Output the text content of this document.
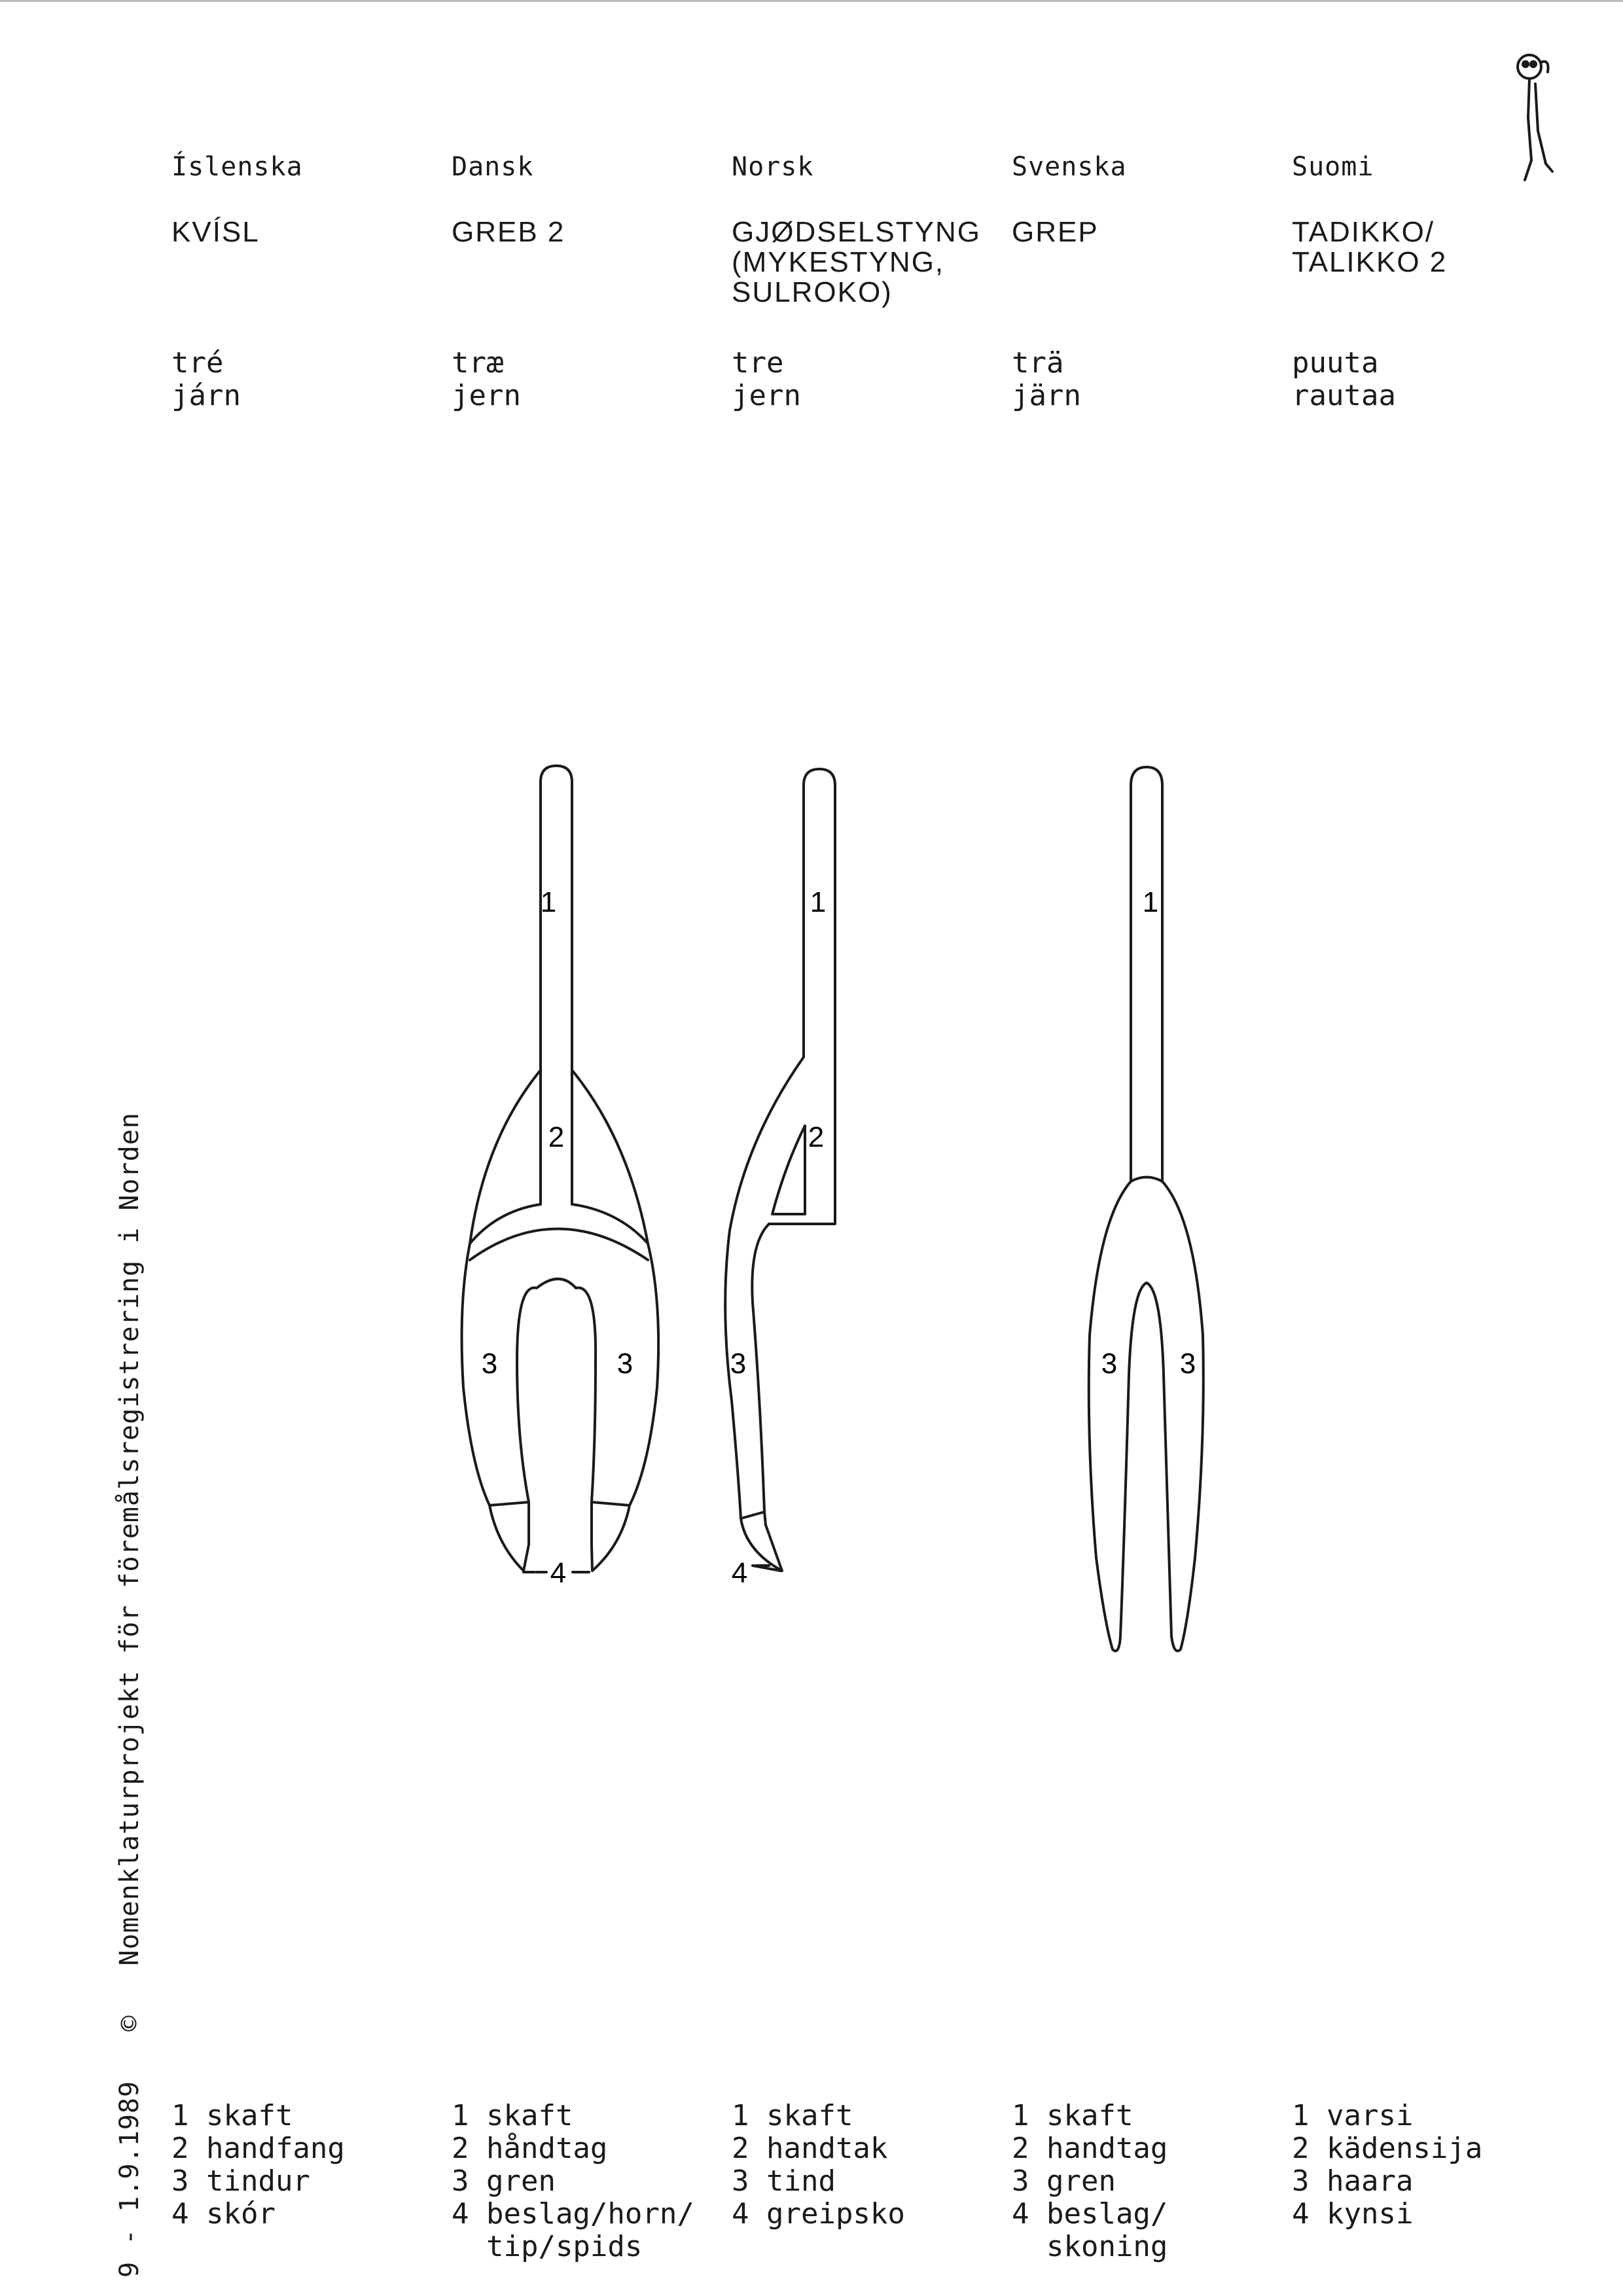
Íslenska
KVÍSL
tré
járn
1 skaft
2 handfang
3 tindur
4 skór
Dansk
GREB 2
træ
jern
1 skaft
2 håndtag
3 gren
4 beslag/horn/
tip/spids
Norsk
GJØDSELSTYNG
(MYKESTYNG,
SULROKO)
tre
jern
1 skaft
2 handtak
3 tind
4 greipsko
Svenska
GREP
trä
järn
1 skaft
2 handtag
3 gren
4 beslag/
skoning
Suomi
TADIKKO/
TALIKKO 2
puuta
rautaa
1 varsi
2 kädensija
3 haara
4 kynsi
9 - 1.9.1989   ©   Nomenklaturprojekt för föremålsregistrering i Norden
1
2
3	3
4
1
2
3
4
1
3 3
